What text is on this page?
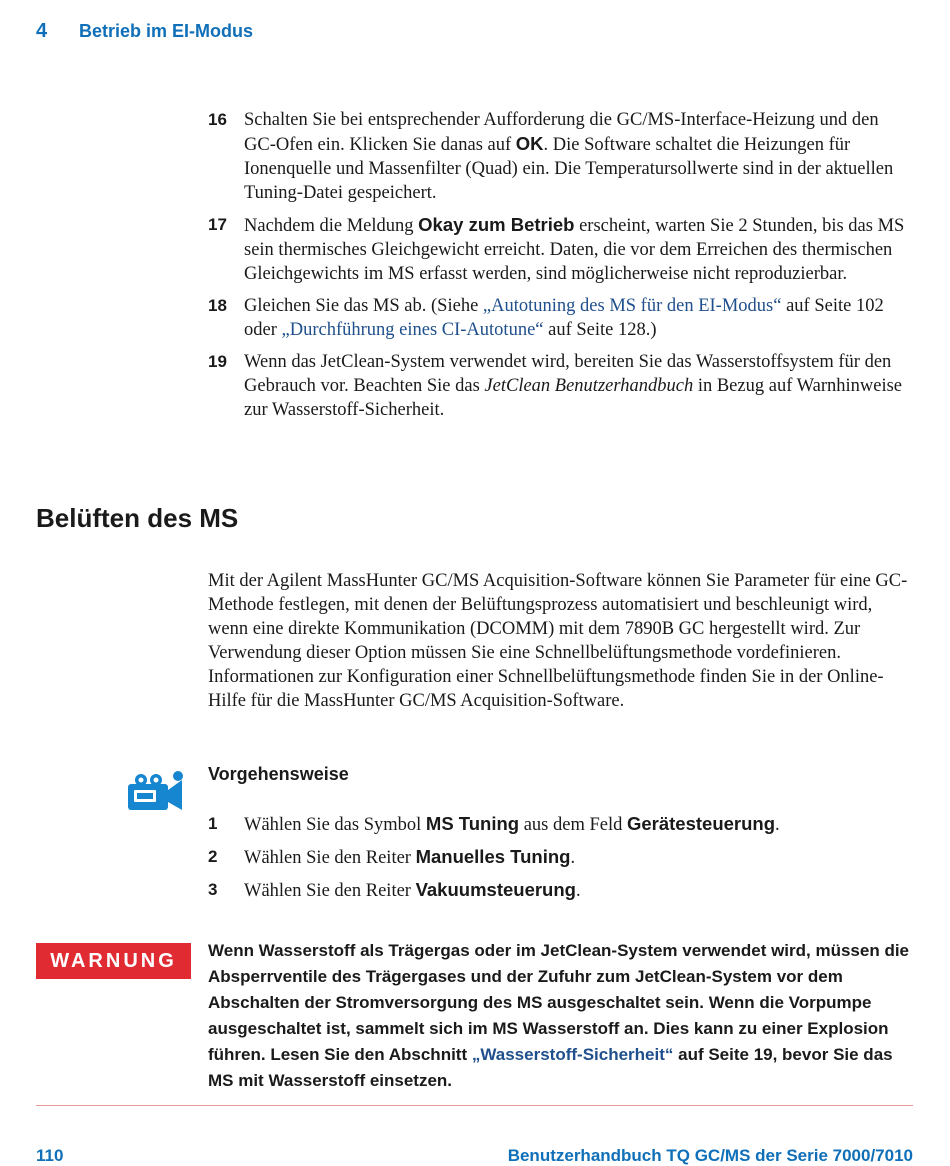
4 Betrieb im EI-Modus
16 Schalten Sie bei entsprechender Aufforderung die GC/MS-Interface-Heizung und den GC-Ofen ein. Klicken Sie danas auf OK. Die Software schaltet die Heizungen für Ionenquelle und Massenfilter (Quad) ein. Die Temperatursollwerte sind in der aktuellen Tuning-Datei gespeichert.
17 Nachdem die Meldung Okay zum Betrieb erscheint, warten Sie 2 Stunden, bis das MS sein thermisches Gleichgewicht erreicht. Daten, die vor dem Erreichen des thermischen Gleichgewichts im MS erfasst werden, sind möglicherweise nicht reproduzierbar.
18 Gleichen Sie das MS ab. (Siehe „Autotuning des MS für den EI-Modus“ auf Seite 102 oder „Durchführung eines CI-Autotune“ auf Seite 128.)
19 Wenn das JetClean-System verwendet wird, bereiten Sie das Wasserstoffsystem für den Gebrauch vor. Beachten Sie das JetClean Benutzerhandbuch in Bezug auf Warnhinweise zur Wasserstoff-Sicherheit.
Belüften des MS

Mit der Agilent MassHunter GC/MS Acquisition-Software können Sie Parameter für eine GC-Methode festlegen, mit denen der Belüftungsprozess automatisiert und beschleunigt wird, wenn eine direkte Kommunikation (DCOMM) mit dem 7890B GC hergestellt wird. Zur Verwendung dieser Option müssen Sie eine Schnellbelüftungsmethode vordefinieren. Informationen zur Konfiguration einer Schnellbelüftungsmethode finden Sie in der Online-Hilfe für die MassHunter GC/MS Acquisition-Software.

Vorgehensweise
1	Wählen Sie das Symbol MS Tuning aus dem Feld Gerätesteuerung.
2	Wählen Sie den Reiter Manuelles Tuning.
3	Wählen Sie den Reiter Vakuumsteuerung.
WARNUNG	Wenn Wasserstoff als Trägergas oder im JetClean-System verwendet wird, müssen die Absperrventile des Trägergases und der Zufuhr zum JetClean-System vor dem Abschalten der Stromversorgung des MS ausgeschaltet sein. Wenn die Vorpumpe ausgeschaltet ist, sammelt sich im MS Wasserstoff an. Dies kann zu einer Explosion führen. Lesen Sie den Abschnitt „Wasserstoff-Sicherheit“ auf Seite 19, bevor Sie das MS mit Wasserstoff einsetzen.

110	Benutzerhandbuch TQ GC/MS der Serie 7000/7010
